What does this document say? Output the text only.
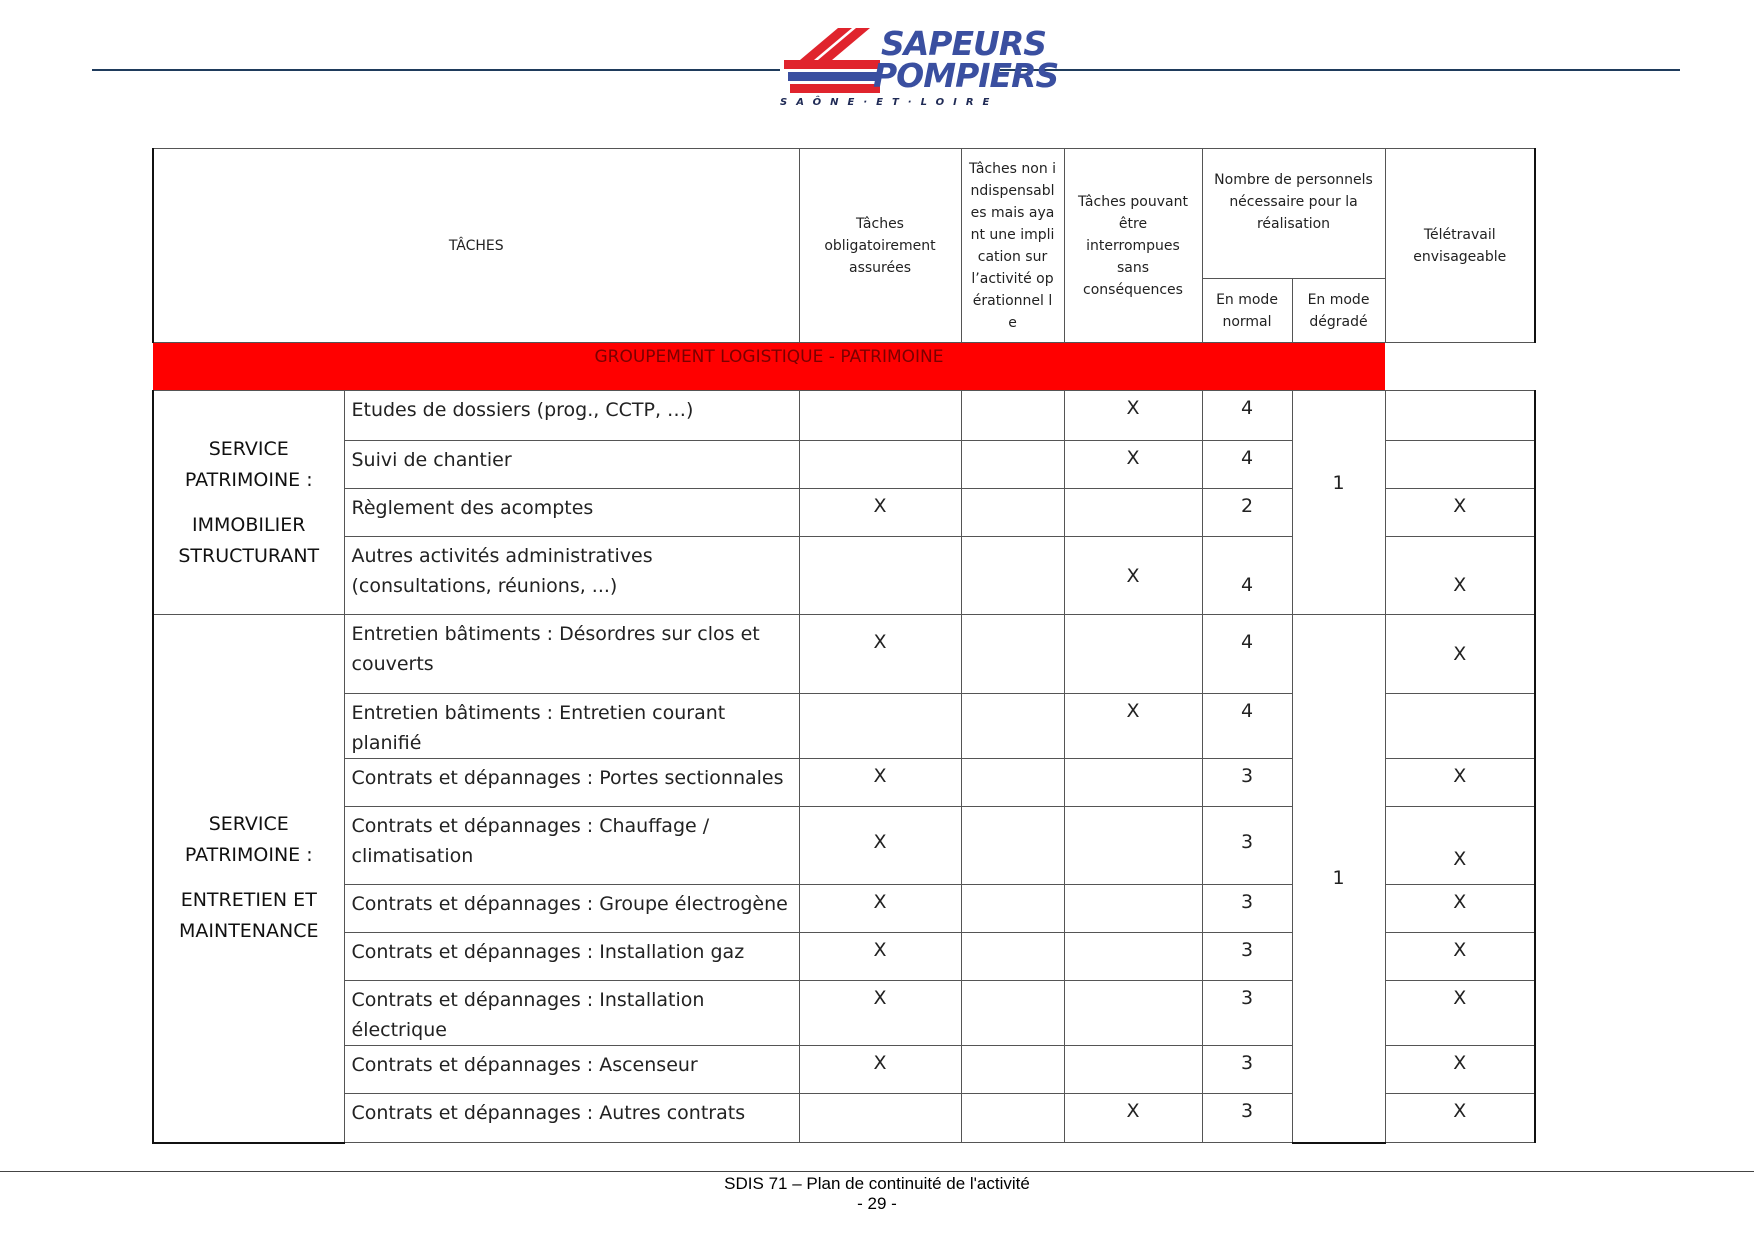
SAPEURS
POMPIERS
SAÔNE·ET·LOIRE
TÂCHES		Tâches obligatoirement assurées	Tâches non indispensabl es mais ayant une implication sur l’activité opérationnel le	Tâches pouvant être interrompues sans conséquences	Nombre de personnels nécessaire pour la réalisation		Télétravail envisageable
					En mode normal	En mode dégradé	
GROUPEMENT LOGISTIQUE - PATRIMOINE							

SERVICE
PATRIMOINE :
IMMOBILIER
STRUCTURANT	Etudes de dossiers (prog., CCTP, …)			X	4	1	
	Suivi de chantier			X	4		
	Règlement des acomptes	X			2		X
	Autres activités administratives (consultations, réunions, ...)			X	4		X

SERVICE
PATRIMOINE :
ENTRETIEN ET
MAINTENANCE	Entretien bâtiments : Désordres sur clos et couverts	X			4	1	X
	Entretien bâtiments : Entretien courant planifié			X	4		
	Contrats et dépannages : Portes sectionnales	X			3		X
	Contrats et dépannages : Chauffage / climatisation	X			3		X
	Contrats et dépannages : Groupe électrogène	X			3		X
	Contrats et dépannages : Installation gaz	X			3		X
	Contrats et dépannages : Installation électrique	X			3		X
	Contrats et dépannages : Ascenseur	X			3		X
	Contrats et dépannages : Autres contrats			X	3		X
SDIS 71 – Plan de continuité de l'activité
- 29 -
